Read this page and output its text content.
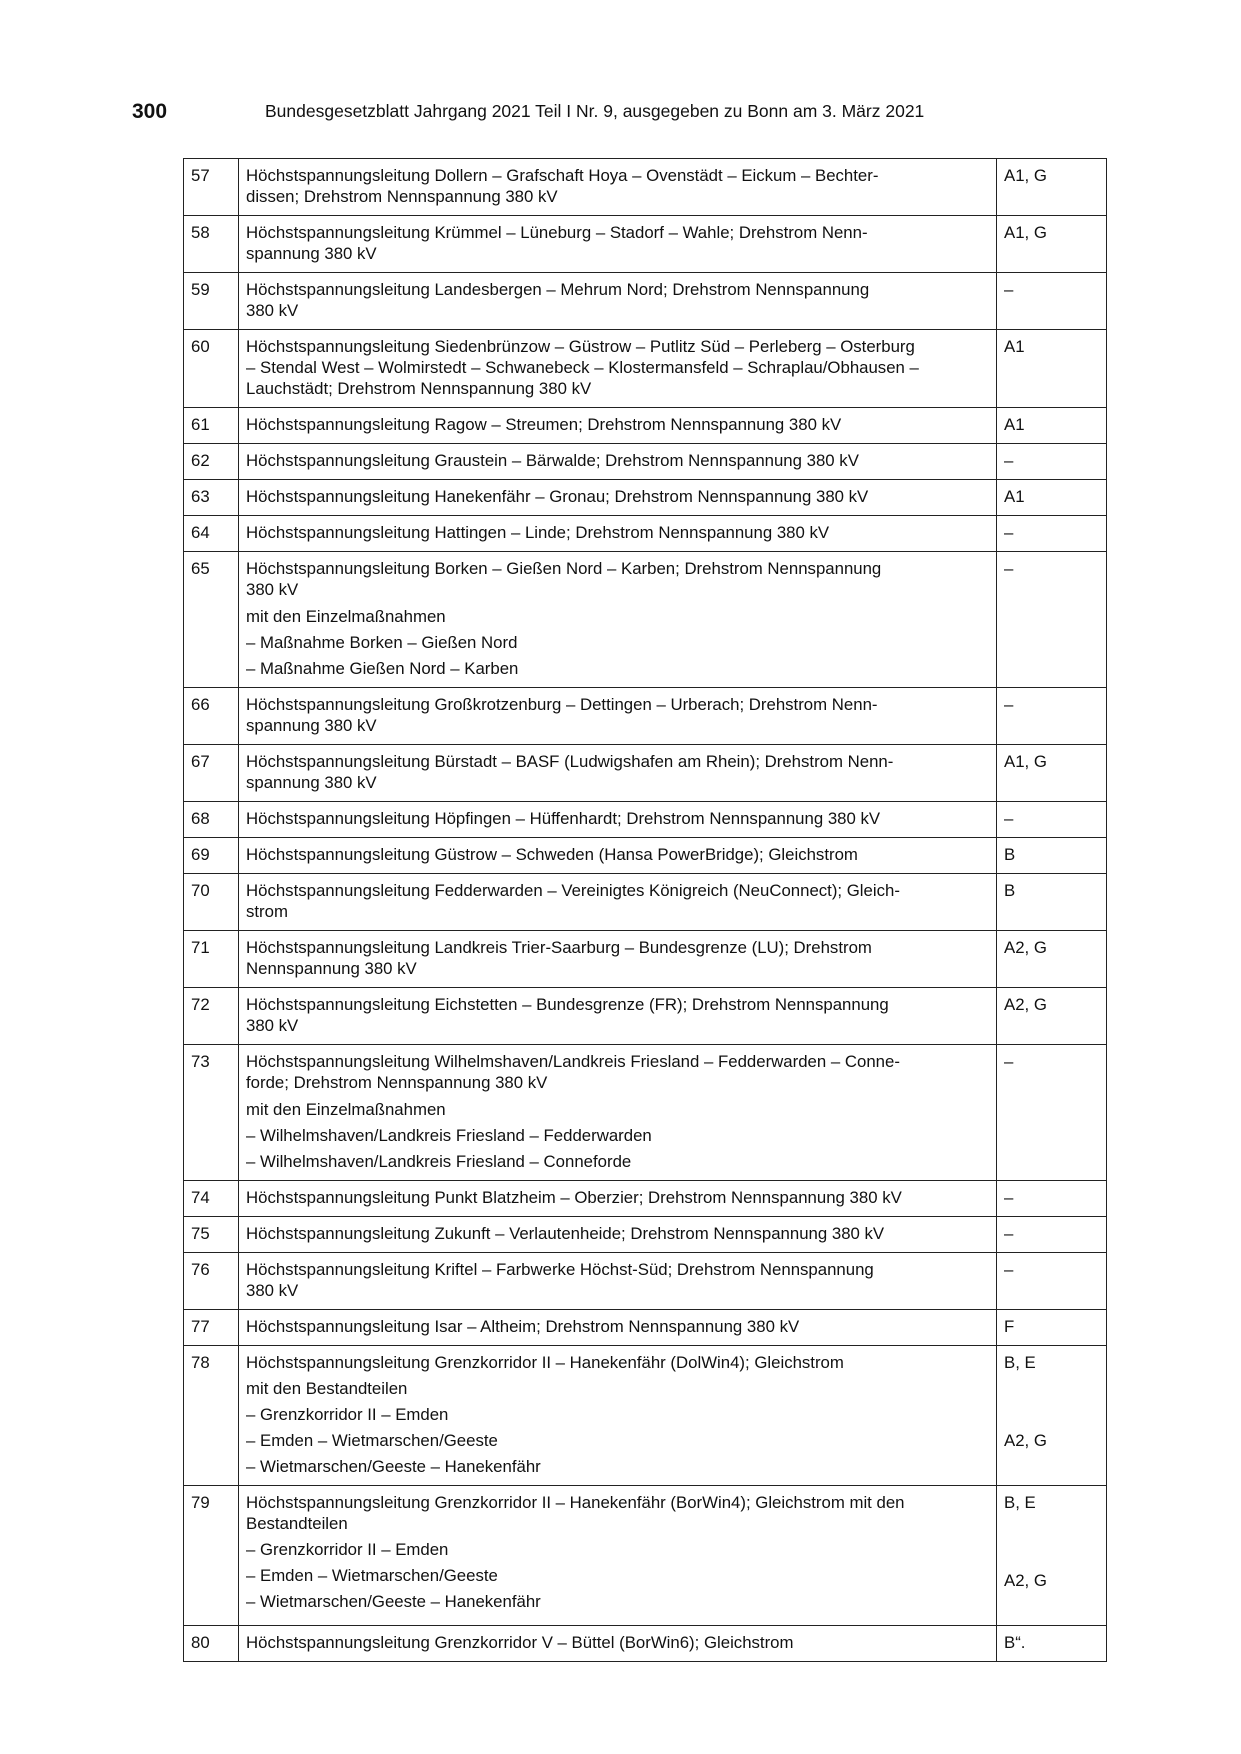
300	Bundesgesetzblatt Jahrgang 2021 Teil I Nr. 9, ausgegeben zu Bonn am 3. März 2021
57	Höchstspannungsleitung Dollern – Grafschaft Hoya – Ovenstädt – Eickum – Bechter-
dissen; Drehstrom Nennspannung 380 kV	A1, G

58	Höchstspannungsleitung Krümmel – Lüneburg – Stadorf – Wahle; Drehstrom Nenn-
spannung 380 kV	A1, G

59	Höchstspannungsleitung Landesbergen – Mehrum Nord; Drehstrom Nennspannung
380 kV	–

60	Höchstspannungsleitung Siedenbrünzow – Güstrow – Putlitz Süd – Perleberg – Osterburg
– Stendal West – Wolmirstedt – Schwanebeck – Klostermansfeld – Schraplau/Obhausen –
Lauchstädt; Drehstrom Nennspannung 380 kV	A1

61	Höchstspannungsleitung Ragow – Streumen; Drehstrom Nennspannung 380 kV	A1

62	Höchstspannungsleitung Graustein – Bärwalde; Drehstrom Nennspannung 380 kV	–

63	Höchstspannungsleitung Hanekenfähr – Gronau; Drehstrom Nennspannung 380 kV	A1

64	Höchstspannungsleitung Hattingen – Linde; Drehstrom Nennspannung 380 kV	–

65	Höchstspannungsleitung Borken – Gießen Nord – Karben; Drehstrom Nennspannung
380 kV
mit den Einzelmaßnahmen
– Maßnahme Borken – Gießen Nord
– Maßnahme Gießen Nord – Karben	–

66	Höchstspannungsleitung Großkrotzenburg – Dettingen – Urberach; Drehstrom Nenn-
spannung 380 kV	–

67	Höchstspannungsleitung Bürstadt – BASF (Ludwigshafen am Rhein); Drehstrom Nenn-
spannung 380 kV	A1, G

68	Höchstspannungsleitung Höpfingen – Hüffenhardt; Drehstrom Nennspannung 380 kV	–

69	Höchstspannungsleitung Güstrow – Schweden (Hansa PowerBridge); Gleichstrom	B

70	Höchstspannungsleitung Fedderwarden – Vereinigtes Königreich (NeuConnect); Gleich-
strom	B

71	Höchstspannungsleitung Landkreis Trier-Saarburg – Bundesgrenze (LU); Drehstrom
Nennspannung 380 kV	A2, G

72	Höchstspannungsleitung Eichstetten – Bundesgrenze (FR); Drehstrom Nennspannung
380 kV	A2, G

73	Höchstspannungsleitung Wilhelmshaven/Landkreis Friesland – Fedderwarden – Conne-
forde; Drehstrom Nennspannung 380 kV
mit den Einzelmaßnahmen
– Wilhelmshaven/Landkreis Friesland – Fedderwarden
– Wilhelmshaven/Landkreis Friesland – Conneforde	–

74	Höchstspannungsleitung Punkt Blatzheim – Oberzier; Drehstrom Nennspannung 380 kV	–

75	Höchstspannungsleitung Zukunft – Verlautenheide; Drehstrom Nennspannung 380 kV	–

76	Höchstspannungsleitung Kriftel – Farbwerke Höchst-Süd; Drehstrom Nennspannung
380 kV	–

77	Höchstspannungsleitung Isar – Altheim; Drehstrom Nennspannung 380 kV	F

78	Höchstspannungsleitung Grenzkorridor II – Hanekenfähr (DolWin4); Gleichstrom
mit den Bestandteilen
– Grenzkorridor II – Emden
– Emden – Wietmarschen/Geeste
– Wietmarschen/Geeste – Hanekenfähr	B, E
A2, G

79	Höchstspannungsleitung Grenzkorridor II – Hanekenfähr (BorWin4); Gleichstrom mit den
Bestandteilen
– Grenzkorridor II – Emden
– Emden – Wietmarschen/Geeste
– Wietmarschen/Geeste – Hanekenfähr	B, E
A2, G

80	Höchstspannungsleitung Grenzkorridor V – Büttel (BorWin6); Gleichstrom	B“.
